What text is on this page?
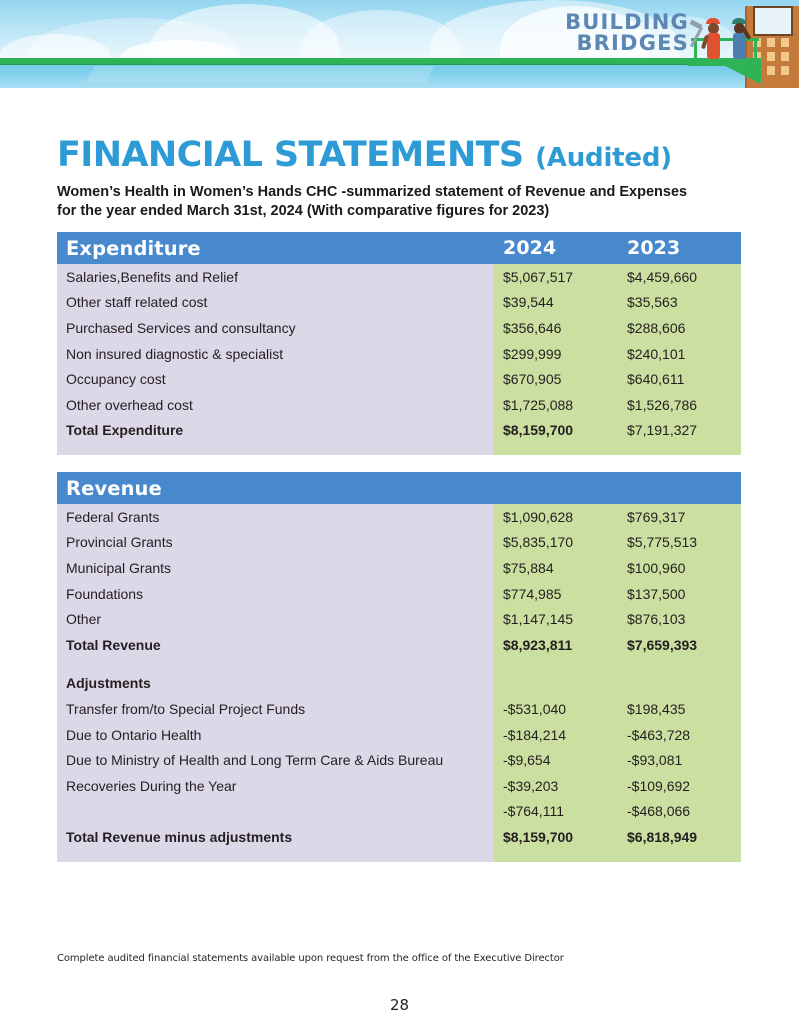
BUILDING
BRIDGES
FINANCIAL STATEMENTS (Audited)

Women’s Health in Women’s Hands CHC -summarized statement of Revenue and Expenses for the year ended March 31st, 2024 (With comparative figures for 2023)

Expenditure	2024	2023
Salaries,Benefits and Relief	$5,067,517	$4,459,660
Other staff related cost	$39,544	$35,563
Purchased Services and consultancy	$356,646	$288,606
Non insured diagnostic & specialist	$299,999	$240,101
Occupancy cost	$670,905	$640,611
Other overhead cost	$1,725,088	$1,526,786
Total Expenditure	$8,159,700	$7,191,327

Revenue		
Federal Grants	$1,090,628	$769,317
Provincial Grants	$5,835,170	$5,775,513
Municipal Grants	$75,884	$100,960
Foundations	$774,985	$137,500
Other	$1,147,145	$876,103
Total Revenue	$8,923,811	$7,659,393

Adjustments		
Transfer from/to Special Project Funds	-$531,040	$198,435
Due to Ontario Health	-$184,214	-$463,728
Due to Ministry of Health and Long Term Care & Aids Bureau	-$9,654	-$93,081
Recoveries During the Year	-$39,203	-$109,692
	-$764,111	-$468,066
Total Revenue minus adjustments	$8,159,700	$6,818,949

Complete audited financial statements available upon request from the office of the Executive Director
28
